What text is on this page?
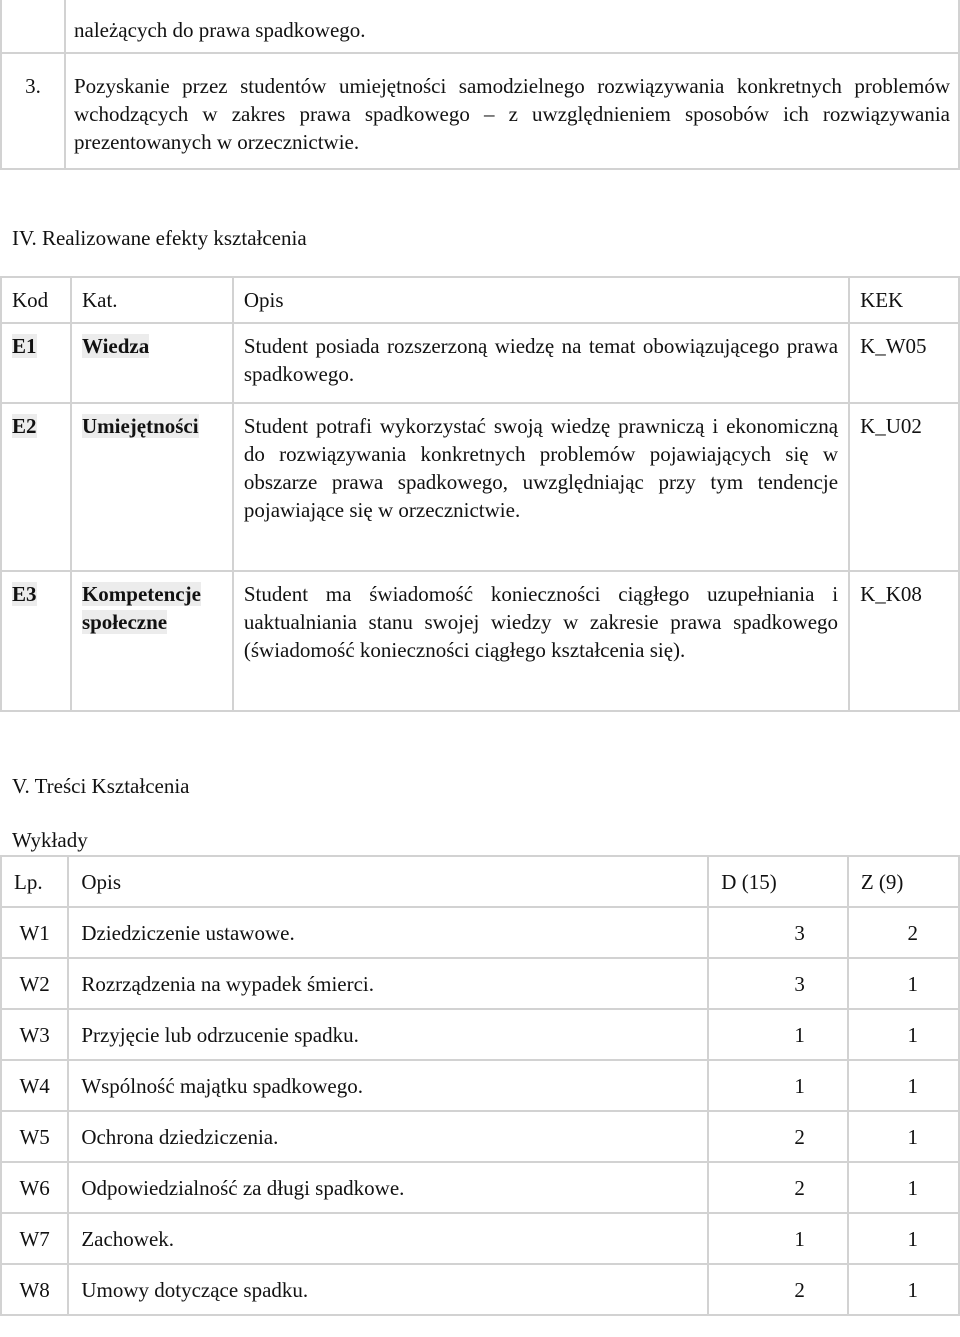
	należących do prawa spadkowego.
3.	Pozyskanie przez studentów umiejętności samodzielnego rozwiązywania konkretnych problemów wchodzących w zakres prawa spadkowego – z uwzględnieniem sposobów ich rozwiązywania prezentowanych w orzecznictwie.
IV. Realizowane efekty kształcenia
Kod	Kat.	Opis	KEK
E1	Wiedza	Student posiada rozszerzoną wiedzę na temat obowiązującego prawa spadkowego.	K_W05
E2	Umiejętności	Student potrafi wykorzystać swoją wiedzę prawniczą i ekonomiczną do rozwiązywania konkretnych problemów pojawiających się w obszarze prawa spadkowego, uwzględniając przy tym tendencje pojawiające się w orzecznictwie.	K_U02
E3	Kompetencje społeczne	Student ma świadomość konieczności ciągłego uzupełniania i uaktualniania stanu swojej wiedzy w zakresie prawa spadkowego (świadomość konieczności ciągłego kształcenia się).	K_K08
V. Treści Kształcenia
Wykłady
Lp.	Opis	D (15)	Z (9)
W1	Dziedziczenie ustawowe.	3	2
W2	Rozrządzenia na wypadek śmierci.	3	1
W3	Przyjęcie lub odrzucenie spadku.	1	1
W4	Wspólność majątku spadkowego.	1	1
W5	Ochrona dziedziczenia.	2	1
W6	Odpowiedzialność za długi spadkowe.	2	1
W7	Zachowek.	1	1
W8	Umowy dotyczące spadku.	2	1
